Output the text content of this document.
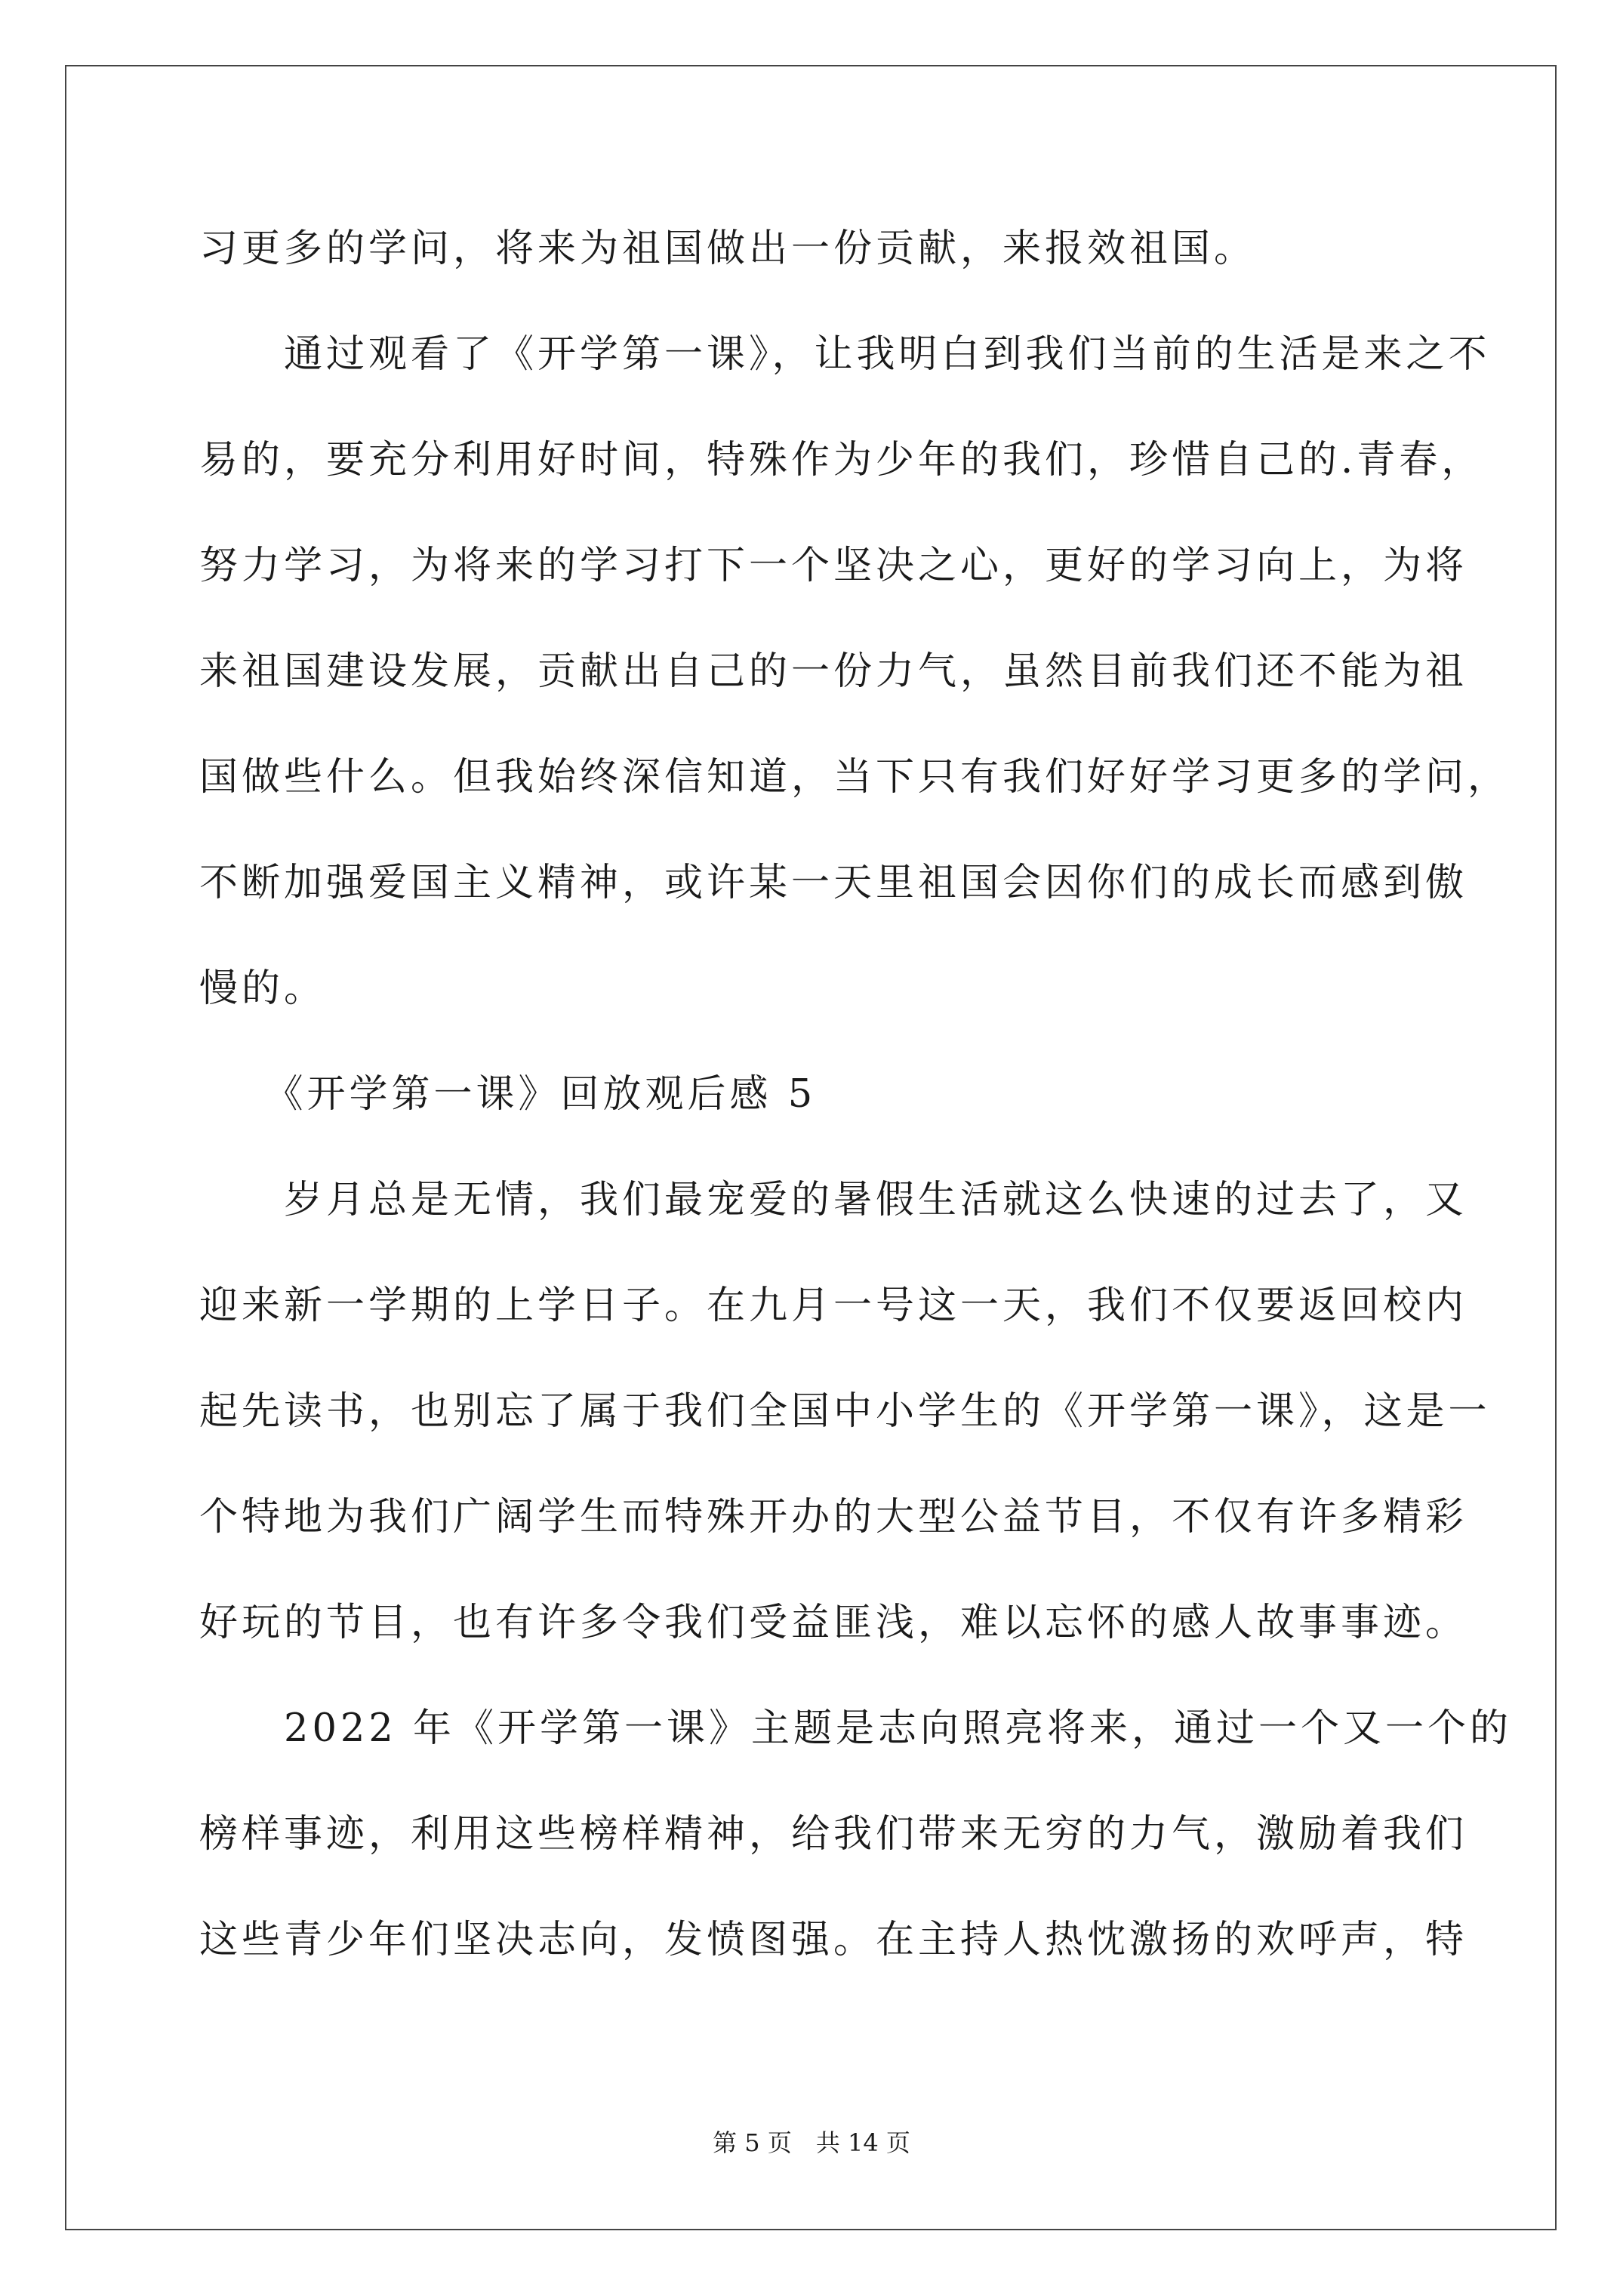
习更多的学问，将来为祖国做出一份贡献，来报效祖国。
　　通过观看了《开学第一课》，让我明白到我们当前的生活是来之不
易的，要充分利用好时间，特殊作为少年的我们，珍惜自己的.青春，
努力学习，为将来的学习打下一个坚决之心，更好的学习向上，为将
来祖国建设发展，贡献出自己的一份力气，虽然目前我们还不能为祖
国做些什么。但我始终深信知道，当下只有我们好好学习更多的学问，
不断加强爱国主义精神，或许某一天里祖国会因你们的成长而感到傲
慢的。
　　《开学第一课》回放观后感 5
　　岁月总是无情，我们最宠爱的暑假生活就这么快速的过去了，又
迎来新一学期的上学日子。在九月一号这一天，我们不仅要返回校内
起先读书，也别忘了属于我们全国中小学生的《开学第一课》，这是一
个特地为我们广阔学生而特殊开办的大型公益节目，不仅有许多精彩
好玩的节目，也有许多令我们受益匪浅，难以忘怀的感人故事事迹。
　　2022 年《开学第一课》主题是志向照亮将来，通过一个又一个的
榜样事迹，利用这些榜样精神，给我们带来无穷的力气，激励着我们
这些青少年们坚决志向，发愤图强。在主持人热忱激扬的欢呼声，特
第 5 页　共 14 页
